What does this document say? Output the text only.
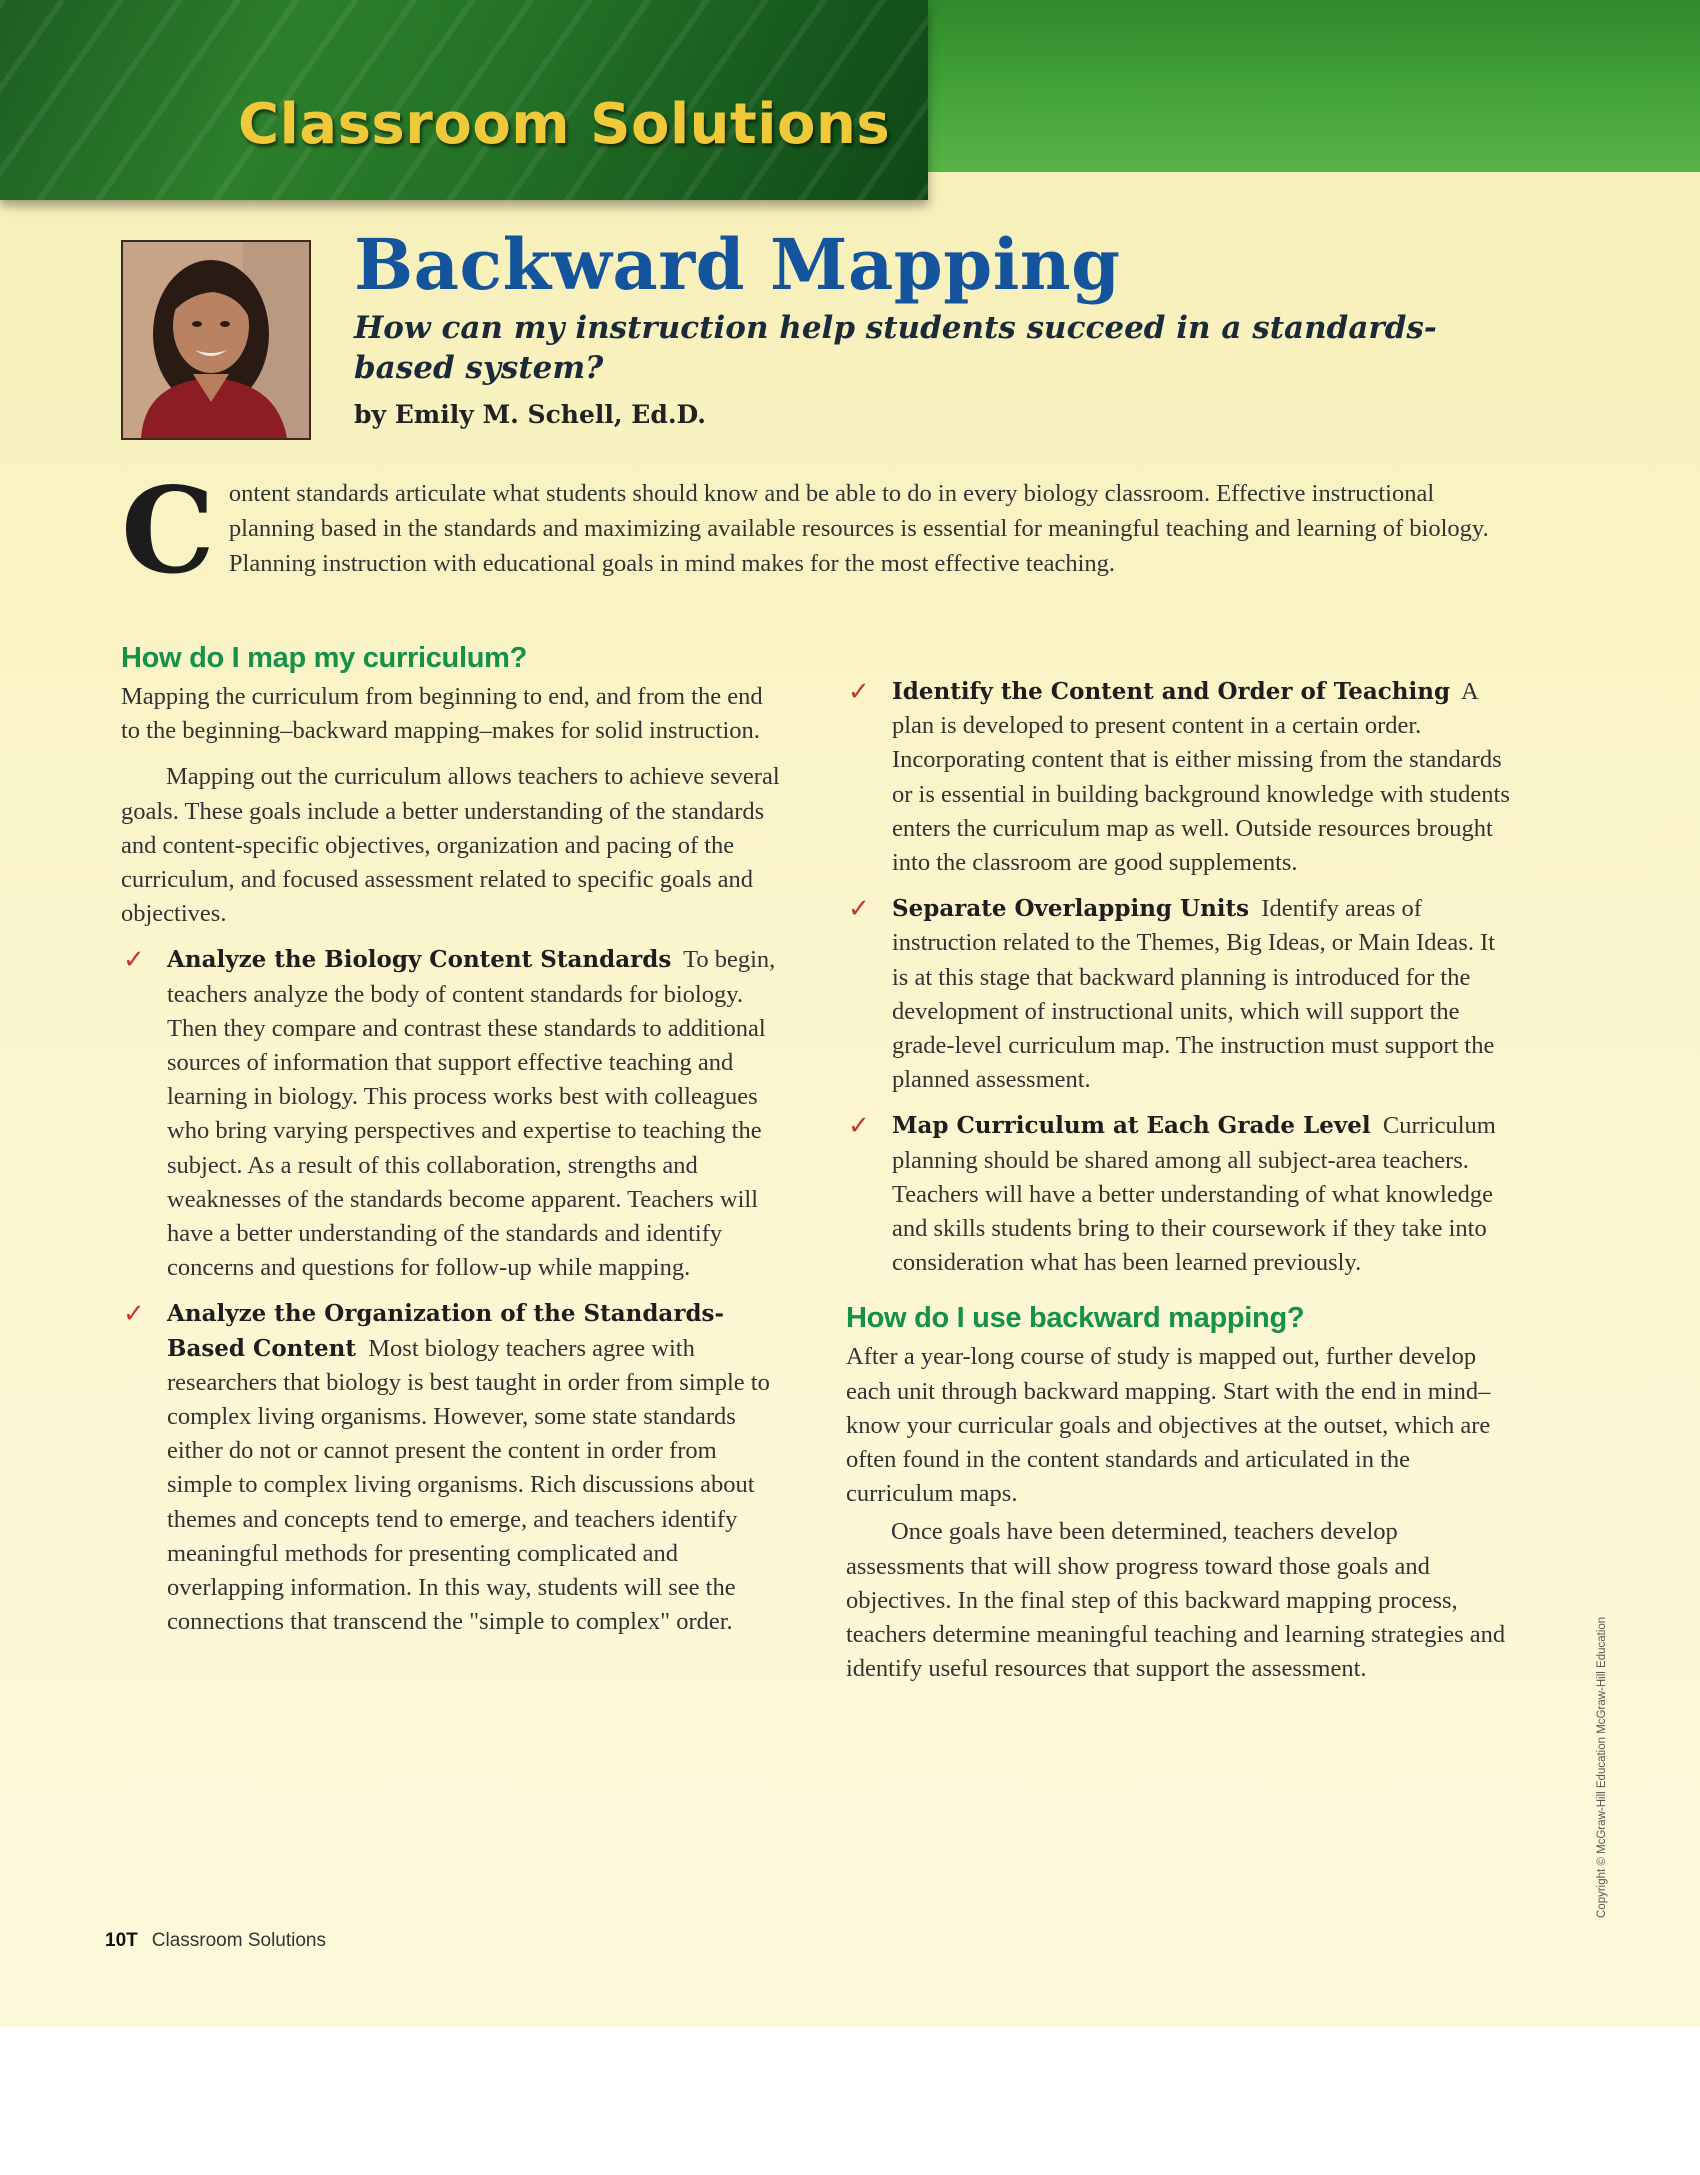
Classroom Solutions
Backward Mapping
How can my instruction help students succeed in a standards-based system?
by Emily M. Schell, Ed.D.
Content standards articulate what students should know and be able to do in every biology classroom. Effective instructional planning based in the standards and maximizing available resources is essential for meaningful teaching and learning of biology. Planning instruction with educational goals in mind makes for the most effective teaching.
How do I map my curriculum?

Mapping the curriculum from beginning to end, and from the end to the beginning–backward mapping–makes for solid instruction.

Mapping out the curriculum allows teachers to achieve several goals. These goals include a better understanding of the standards and content-specific objectives, organization and pacing of the curriculum, and focused assessment related to specific goals and objectives.

✓ Analyze the Biology Content Standards To begin, teachers analyze the body of content standards for biology. Then they compare and contrast these standards to additional sources of information that support effective teaching and learning in biology. This process works best with colleagues who bring varying perspectives and expertise to teaching the subject. As a result of this collaboration, strengths and weaknesses of the standards become apparent. Teachers will have a better understanding of the standards and identify concerns and questions for follow-up while mapping.
✓ Analyze the Organization of the Standards-Based Content Most biology teachers agree with researchers that biology is best taught in order from simple to complex living organisms. However, some state standards either do not or cannot present the content in order from simple to complex living organisms. Rich discussions about themes and concepts tend to emerge, and teachers identify meaningful methods for presenting complicated and overlapping information. In this way, students will see the connections that transcend the "simple to complex" order.
✓ Identify the Content and Order of Teaching A plan is developed to present content in a certain order. Incorporating content that is either missing from the standards or is essential in building background knowledge with students enters the curriculum map as well. Outside resources brought into the classroom are good supplements.
✓ Separate Overlapping Units Identify areas of instruction related to the Themes, Big Ideas, or Main Ideas. It is at this stage that backward planning is introduced for the development of instructional units, which will support the grade-level curriculum map. The instruction must support the planned assessment.
✓ Map Curriculum at Each Grade Level Curriculum planning should be shared among all subject-area teachers. Teachers will have a better understanding of what knowledge and skills students bring to their coursework if they take into consideration what has been learned previously.
How do I use backward mapping?

After a year-long course of study is mapped out, further develop each unit through backward mapping. Start with the end in mind–know your curricular goals and objectives at the outset, which are often found in the content standards and articulated in the curriculum maps.

Once goals have been determined, teachers develop assessments that will show progress toward those goals and objectives. In the final step of this backward mapping process, teachers determine meaningful teaching and learning strategies and identify useful resources that support the assessment.

10T Classroom Solutions
Copyright © McGraw-Hill Education McGraw-Hill Education
